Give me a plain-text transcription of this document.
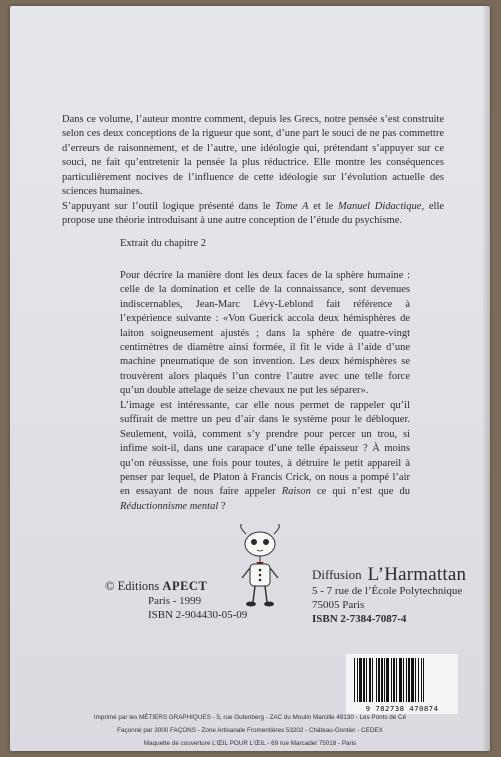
Dans ce volume, l’auteur montre comment, depuis les Grecs, notre pensée s’est construite selon ces deux conceptions de la rigueur que sont, d’une part le souci de ne pas commettre d’erreurs de raisonnement, et de l’autre, une idéologie qui, prétendant s’appuyer sur ce souci, ne fait qu’entretenir la pensée la plus réductrice. Elle montre les conséquences particulièrement nocives de l’influence de cette idéologie sur l’évolution actuelle des sciences humaines.

S’appuyant sur l’outil logique présenté dans le Tome A et le Manuel Didactique, elle propose une théorie introduisant à une autre conception de l’étude du psychisme.

Extrait du chapitre 2

Pour décrire la manière dont les deux faces de la sphère humaine : celle de la domination et celle de la connaissance, sont devenues indiscernables, Jean-Marc Lévy-Leblond fait référence à l’expérience suivante : «Von Guerick accola deux hémisphères de laiton soigneusement ajustés ; dans la sphère de quatre-vingt centimètres de diamètre ainsi formée, il fit le vide à l’aide d’une machine pneumatique de son invention. Les deux hémisphères se trouvèrent alors plaqués l’un contre l’autre avec une telle force qu’un double attelage de seize chevaux ne put les séparer».

L’image est intéressante, car elle nous permet de rappeler qu’il suffirait de mettre un peu d’air dans le système pour le débloquer. Seulement, voilà, comment s’y prendre pour percer un trou, si infime soit-il, dans une carapace d’une telle épaisseur ? À moins qu’on réussisse, une fois pour toutes, à détruire le petit appareil à penser par lequel, de Platon à Francis Crick, on nous a pompé l’air en essayant de nous faire appeler Raison ce qui n’est que du Réductionnisme mental ?

© Editions APECT
Paris - 1999
ISBN 2-904430-05-09
Diffusion L’Harmattan
5 - 7 rue de l’École Polytechnique
75005 Paris
ISBN 2-7384-7087-4
9 782738 470874
Imprimé par les MÉTIERS GRAPHIQUES - 5, rue Gutenberg - ZAC du Moulin Marcille 49130 - Les Ponts de Cé
Façonné par 3000 FAÇONS - Zone Artisanale Fromentières 53202 - Château-Gontier - CEDEX
Maquette de couverture L’ŒIL POUR L’ŒIL - 69 rue Marcadet 75018 - Paris
